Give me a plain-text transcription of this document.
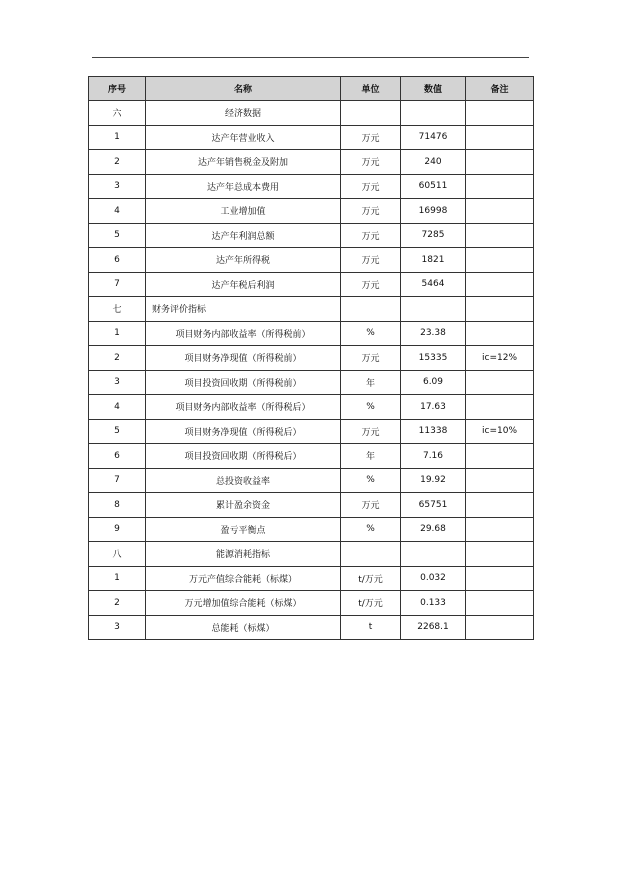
序号	名称	单位	数值	备注
六	经济数据			
1	达产年营业收入	万元	71476	
2	达产年销售税金及附加	万元	240	
3	达产年总成本费用	万元	60511	
4	工业增加值	万元	16998	
5	达产年利润总额	万元	7285	
6	达产年所得税	万元	1821	
7	达产年税后利润	万元	5464	
七	财务评价指标			
1	项目财务内部收益率（所得税前）	%	23.38	
2	项目财务净现值（所得税前）	万元	15335	ic=12%
3	项目投资回收期（所得税前）	年	6.09	
4	项目财务内部收益率（所得税后）	%	17.63	
5	项目财务净现值（所得税后）	万元	11338	ic=10%
6	项目投资回收期（所得税后）	年	7.16	
7	总投资收益率	%	19.92	
8	累计盈余资金	万元	65751	
9	盈亏平衡点	%	29.68	
八	能源消耗指标			
1	万元产值综合能耗（标煤）	t/万元	0.032	
2	万元增加值综合能耗（标煤）	t/万元	0.133	
3	总能耗（标煤）	t	2268.1	
